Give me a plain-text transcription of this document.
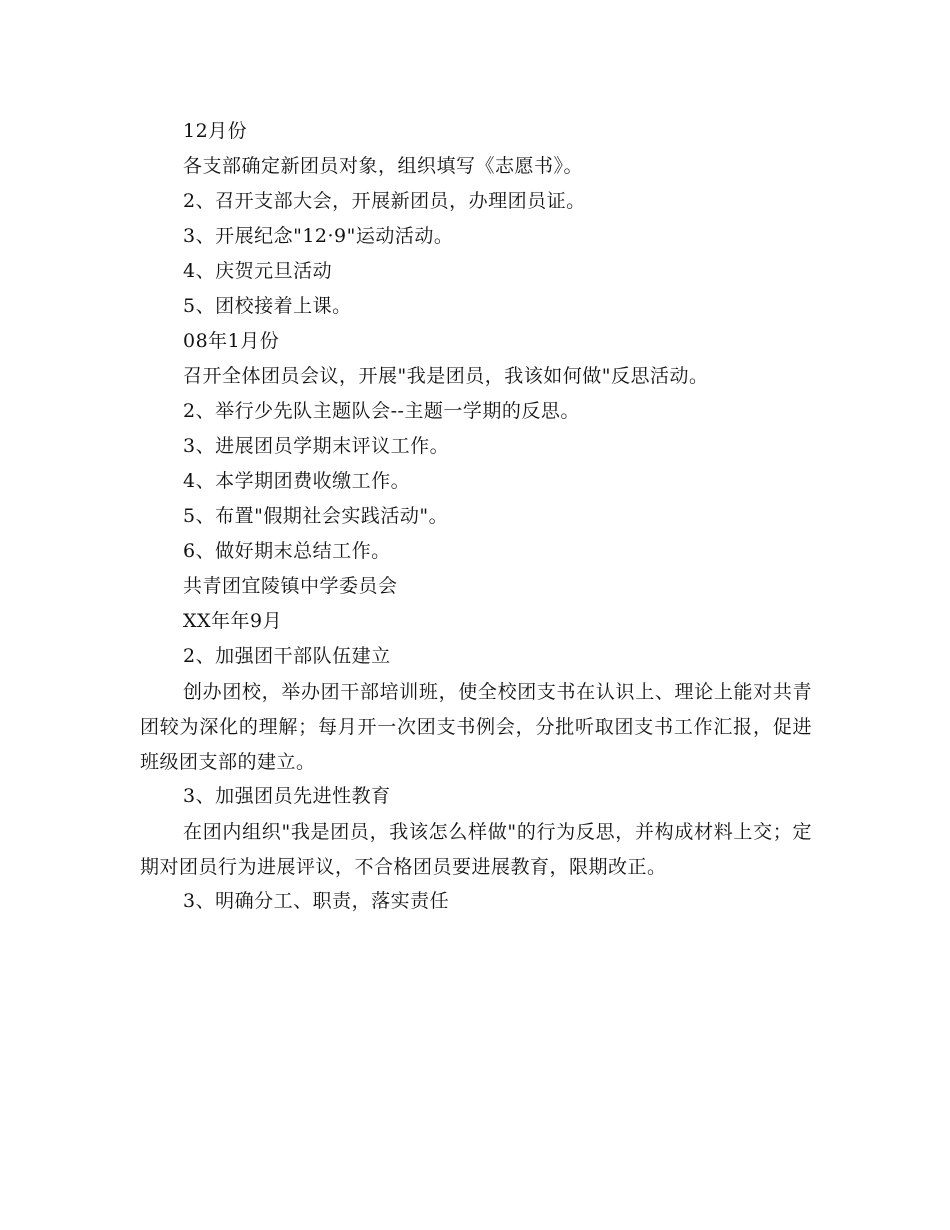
12月份
各支部确定新团员对象，组织填写《志愿书》。
2、召开支部大会，开展新团员，办理团员证。
3、开展纪念"12·9"运动活动。
4、庆贺元旦活动
5、团校接着上课。
08年1月份
召开全体团员会议，开展"我是团员，我该如何做"反思活动。
2、举行少先队主题队会--主题一学期的反思。
3、进展团员学期末评议工作。
4、本学期团费收缴工作。
5、布置"假期社会实践活动"。
6、做好期末总结工作。
共青团宜陵镇中学委员会
XX年年9月
2、加强团干部队伍建立
创办团校，举办团干部培训班，使全校团支书在认识上、理论上能对共青团较为深化的理解；每月开一次团支书例会，分批听取团支书工作汇报，促进班级团支部的建立。
3、加强团员先进性教育
在团内组织"我是团员，我该怎么样做"的行为反思，并构成材料上交；定期对团员行为进展评议，不合格团员要进展教育，限期改正。
3、明确分工、职责，落实责任
